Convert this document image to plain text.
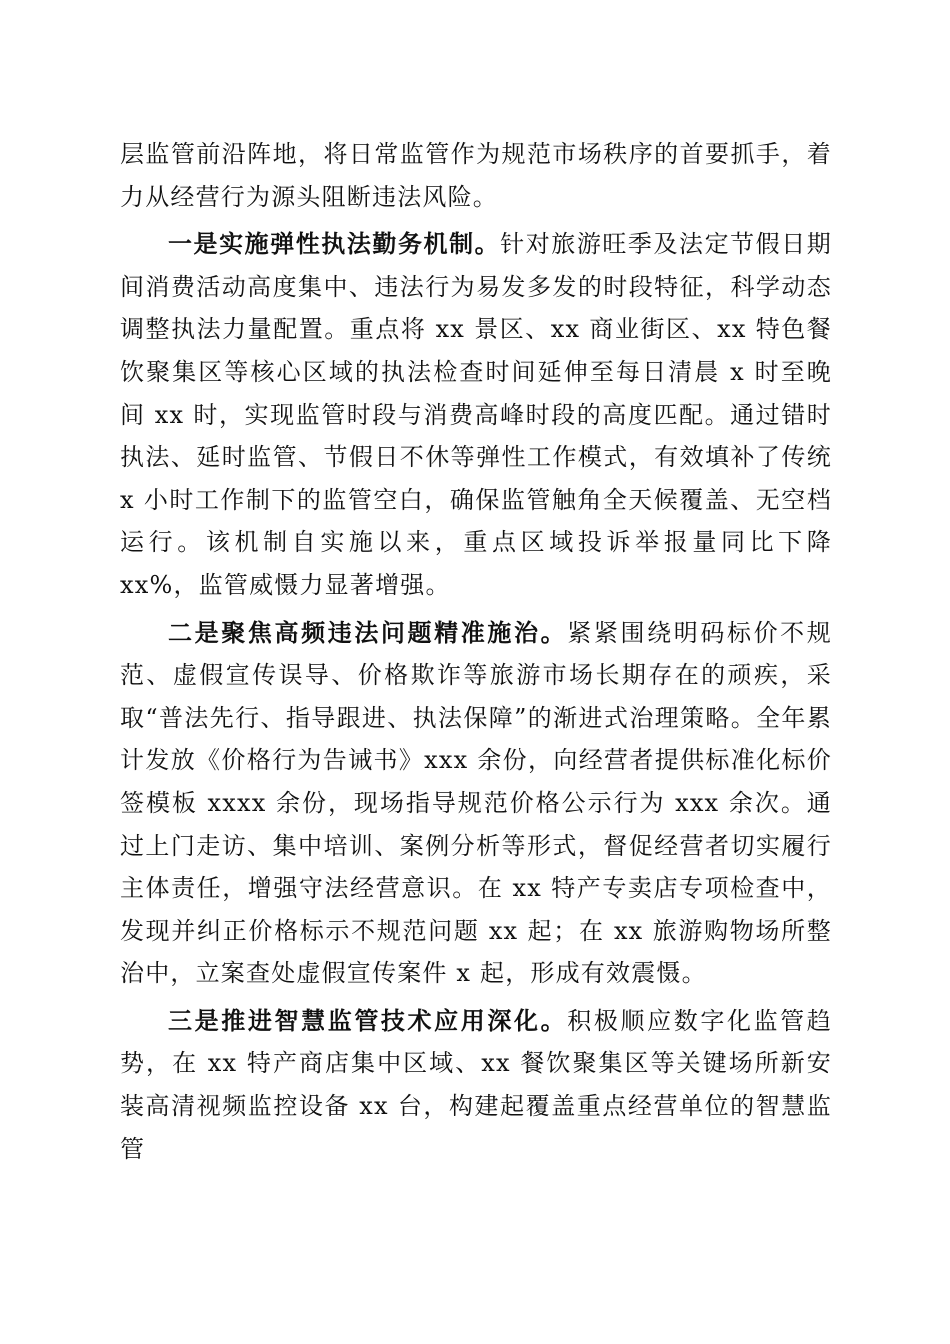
层监管前沿阵地，将日常监管作为规范市场秩序的首要抓手，着力从经营行为源头阻断违法风险。

一是实施弹性执法勤务机制。针对旅游旺季及法定节假日期间消费活动高度集中、违法行为易发多发的时段特征，科学动态调整执法力量配置。重点将 xx 景区、xx 商业街区、xx 特色餐饮聚集区等核心区域的执法检查时间延伸至每日清晨 x 时至晚间 xx 时，实现监管时段与消费高峰时段的高度匹配。通过错时执法、延时监管、节假日不休等弹性工作模式，有效填补了传统 x 小时工作制下的监管空白，确保监管触角全天候覆盖、无空档运行。该机制自实施以来，重点区域投诉举报量同比下降 xx%，监管威慑力显著增强。

二是聚焦高频违法问题精准施治。紧紧围绕明码标价不规范、虚假宣传误导、价格欺诈等旅游市场长期存在的顽疾，采取“普法先行、指导跟进、执法保障”的渐进式治理策略。全年累计发放《价格行为告诫书》xxx 余份，向经营者提供标准化标价签模板 xxxx 余份，现场指导规范价格公示行为 xxx 余次。通过上门走访、集中培训、案例分析等形式，督促经营者切实履行主体责任，增强守法经营意识。在 xx 特产专卖店专项检查中，发现并纠正价格标示不规范问题 xx 起；在 xx 旅游购物场所整治中，立案查处虚假宣传案件 x 起，形成有效震慑。

三是推进智慧监管技术应用深化。积极顺应数字化监管趋势，在 xx 特产商店集中区域、xx 餐饮聚集区等关键场所新安装高清视频监控设备 xx 台，构建起覆盖重点经营单位的智慧监管
